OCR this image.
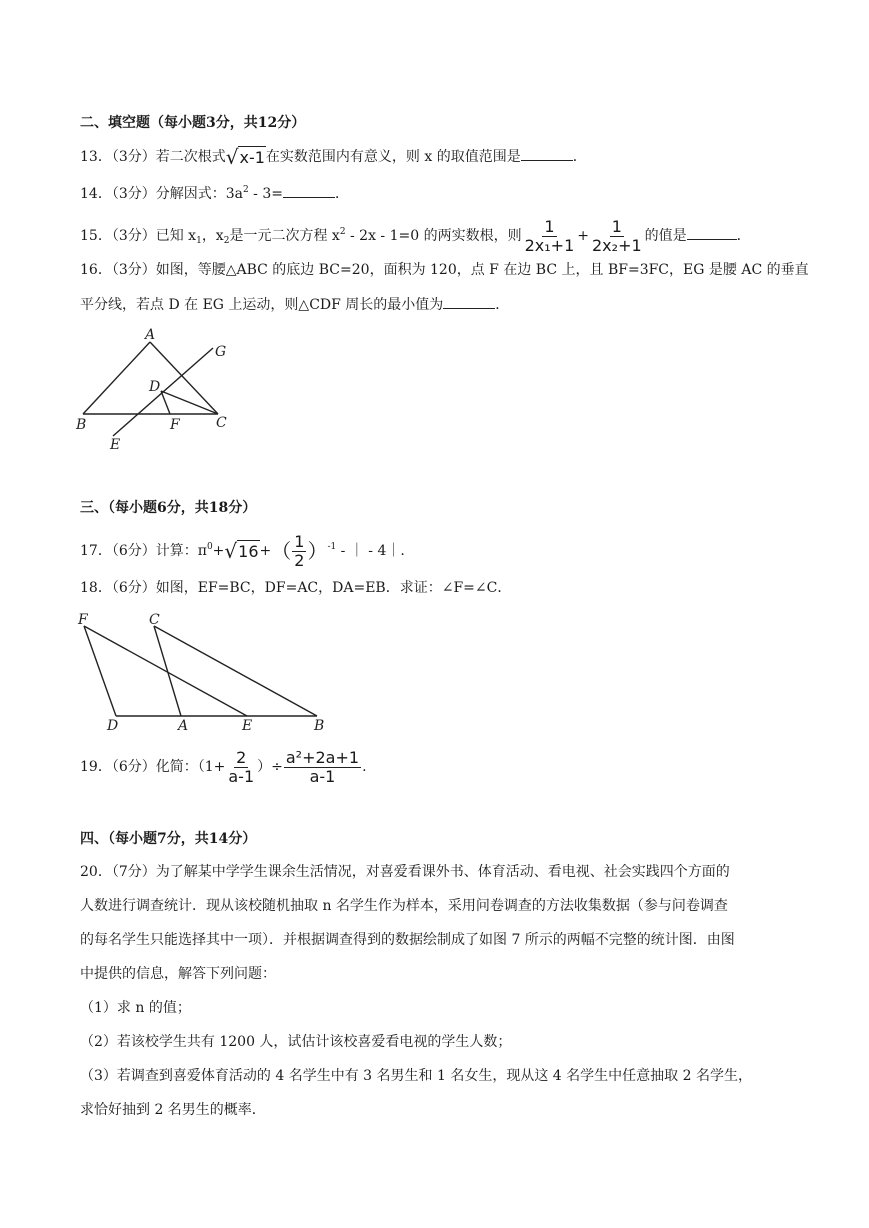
二、填空题（每小题3分，共12分）
13．（3分）若二次根式 √ x-1 在实数范围内有意义，则 x 的取值范围是	．
14．（3分）分解因式：$3a^2 - 3=$	．
15．（3分）已知 $x_1$，$x_2$是一元二次方程 $x^2 - 2x - 1=0$ 的两实数根，则 $\frac{1}{\text{2x₁+1}} + \frac{1}{\text{2x₂+1}}$ 的值是	．
16．（3分）如图，等腰△ABC 的底边 BC=20，面积为 120，点 F 在边 BC 上，且 BF=3FC，EG 是腰 AC 的垂直
平分线，若点 D 在 EG 上运动，则△CDF 周长的最小值为	．
A
B	C
D
E
F
G
三、（每小题6分，共18分）
17．（6分）计算：$\pi^0+$ √ 16 +（ $\frac{1}{2} )^{-1}$ - ｜ - 4｜.
18．（6分）如图，EF=BC，DF=AC，DA=EB．求证：∠F=∠C．
F	C
D	A	E	B
19．（6分）化简：（$1+ \frac{2}{a-1}$ ）÷ $\frac{\text{a²+2a+1}}{a-1}$ .
四、（每小题7分，共14分）
20．（7分）为了解某中学学生课余生活情况，对喜爱看课外书、体育活动、看电视、社会实践四个方面的
人数进行调查统计．现从该校随机抽取 n 名学生作为样本，采用问卷调查的方法收集数据（参与问卷调查
的每名学生只能选择其中一项）．并根据调查得到的数据绘制成了如图 7 所示的两幅不完整的统计图．由图
中提供的信息，解答下列问题：
（1）求 n 的值；
（2）若该校学生共有 1200 人，试估计该校喜爱看电视的学生人数；
（3）若调查到喜爱体育活动的 4 名学生中有 3 名男生和 1 名女生，现从这 4 名学生中任意抽取 2 名学生，
求恰好抽到 2 名男生的概率．
